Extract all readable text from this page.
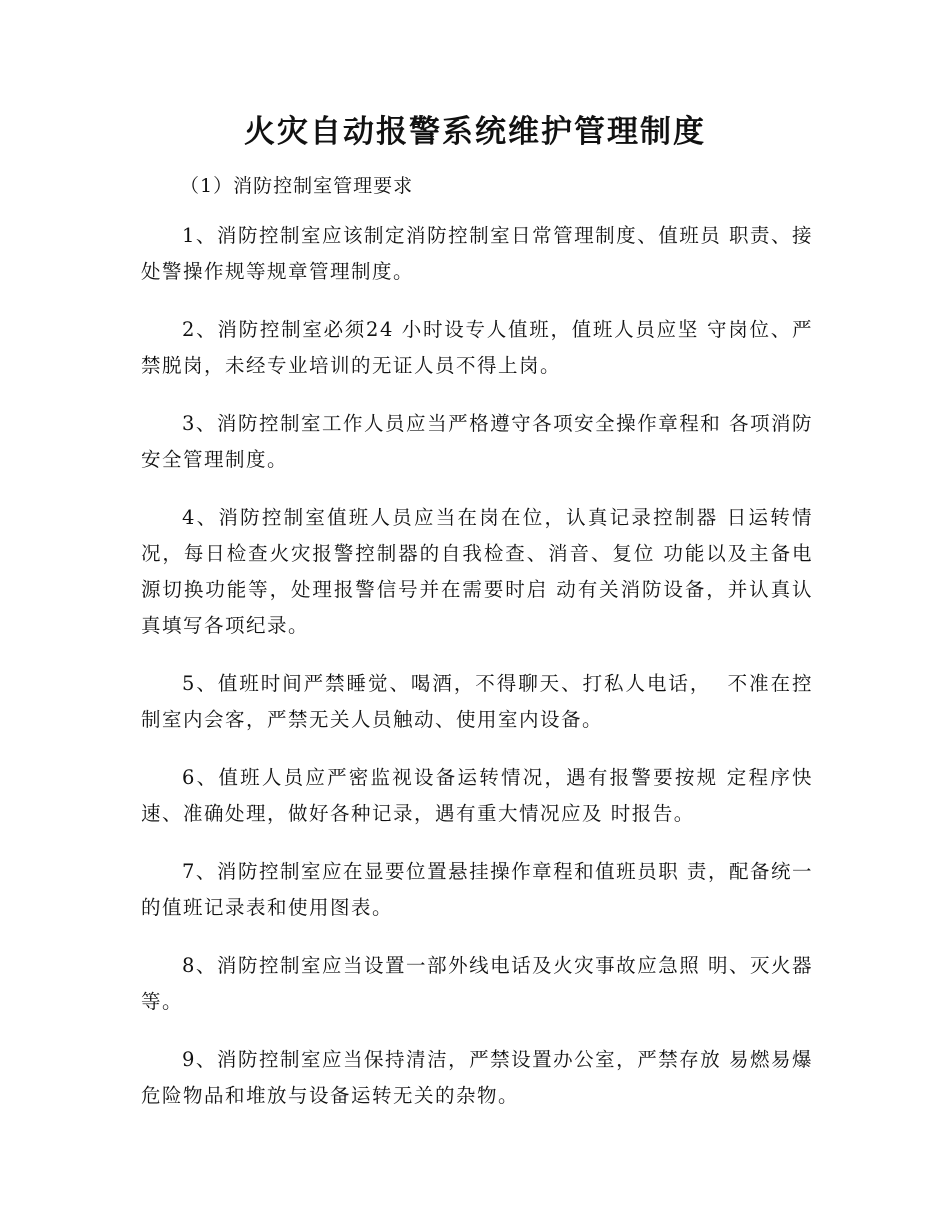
火灾自动报警系统维护管理制度
（1）消防控制室管理要求

1、消防控制室应该制定消防控制室日常管理制度、值班员 职责、接处警操作规等规章管理制度。

2、消防控制室必须24 小时设专人值班，值班人员应坚 守岗位、严禁脱岗，未经专业培训的无证人员不得上岗。

3、消防控制室工作人员应当严格遵守各项安全操作章程和 各项消防安全管理制度。

4、消防控制室值班人员应当在岗在位，认真记录控制器 日运转情况，每日检查火灾报警控制器的自我检查、消音、复位 功能以及主备电源切换功能等，处理报警信号并在需要时启 动有关消防设备，并认真认真填写各项纪录。

5、值班时间严禁睡觉、喝酒，不得聊天、打私人电话，  不准在控制室内会客，严禁无关人员触动、使用室内设备。

6、值班人员应严密监视设备运转情况，遇有报警要按规 定程序快速、准确处理，做好各种记录，遇有重大情况应及 时报告。

7、消防控制室应在显要位置悬挂操作章程和值班员职 责，配备统一的值班记录表和使用图表。

8、消防控制室应当设置一部外线电话及火灾事故应急照 明、灭火器等。

9、消防控制室应当保持清洁，严禁设置办公室，严禁存放 易燃易爆危险物品和堆放与设备运转无关的杂物。
